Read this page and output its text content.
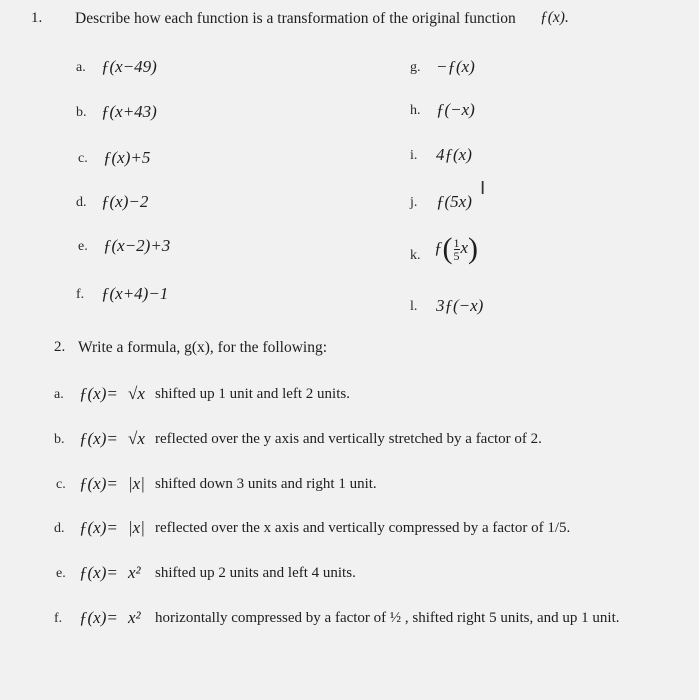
1. Describe how each function is a transformation of the original function ƒ(x).
a. ƒ(x−49)
b. ƒ(x+43)
c. ƒ(x)+5
d. ƒ(x)−2
e. ƒ(x−2)+3
f. ƒ(x+4)−1
g. −ƒ(x)
h. ƒ(−x)
i. 4ƒ(x)
j. ƒ(5x)
I
k. ƒ( $\frac{1}{5} x$)
l. 3ƒ(−x)
2. Write a formula, g(x), for the following:
a. ƒ(x)= √x shifted up 1 unit and left 2 units.
b. ƒ(x)= √x reflected over the y axis and vertically stretched by a factor of 2.
c. ƒ(x)= |x| shifted down 3 units and right 1 unit.
d. ƒ(x)= |x| reflected over the x axis and vertically compressed by a factor of 1/5.
e. ƒ(x)= x² shifted up 2 units and left 4 units.
f. ƒ(x)= x² horizontally compressed by a factor of ½ , shifted right 5 units, and up 1 unit.
